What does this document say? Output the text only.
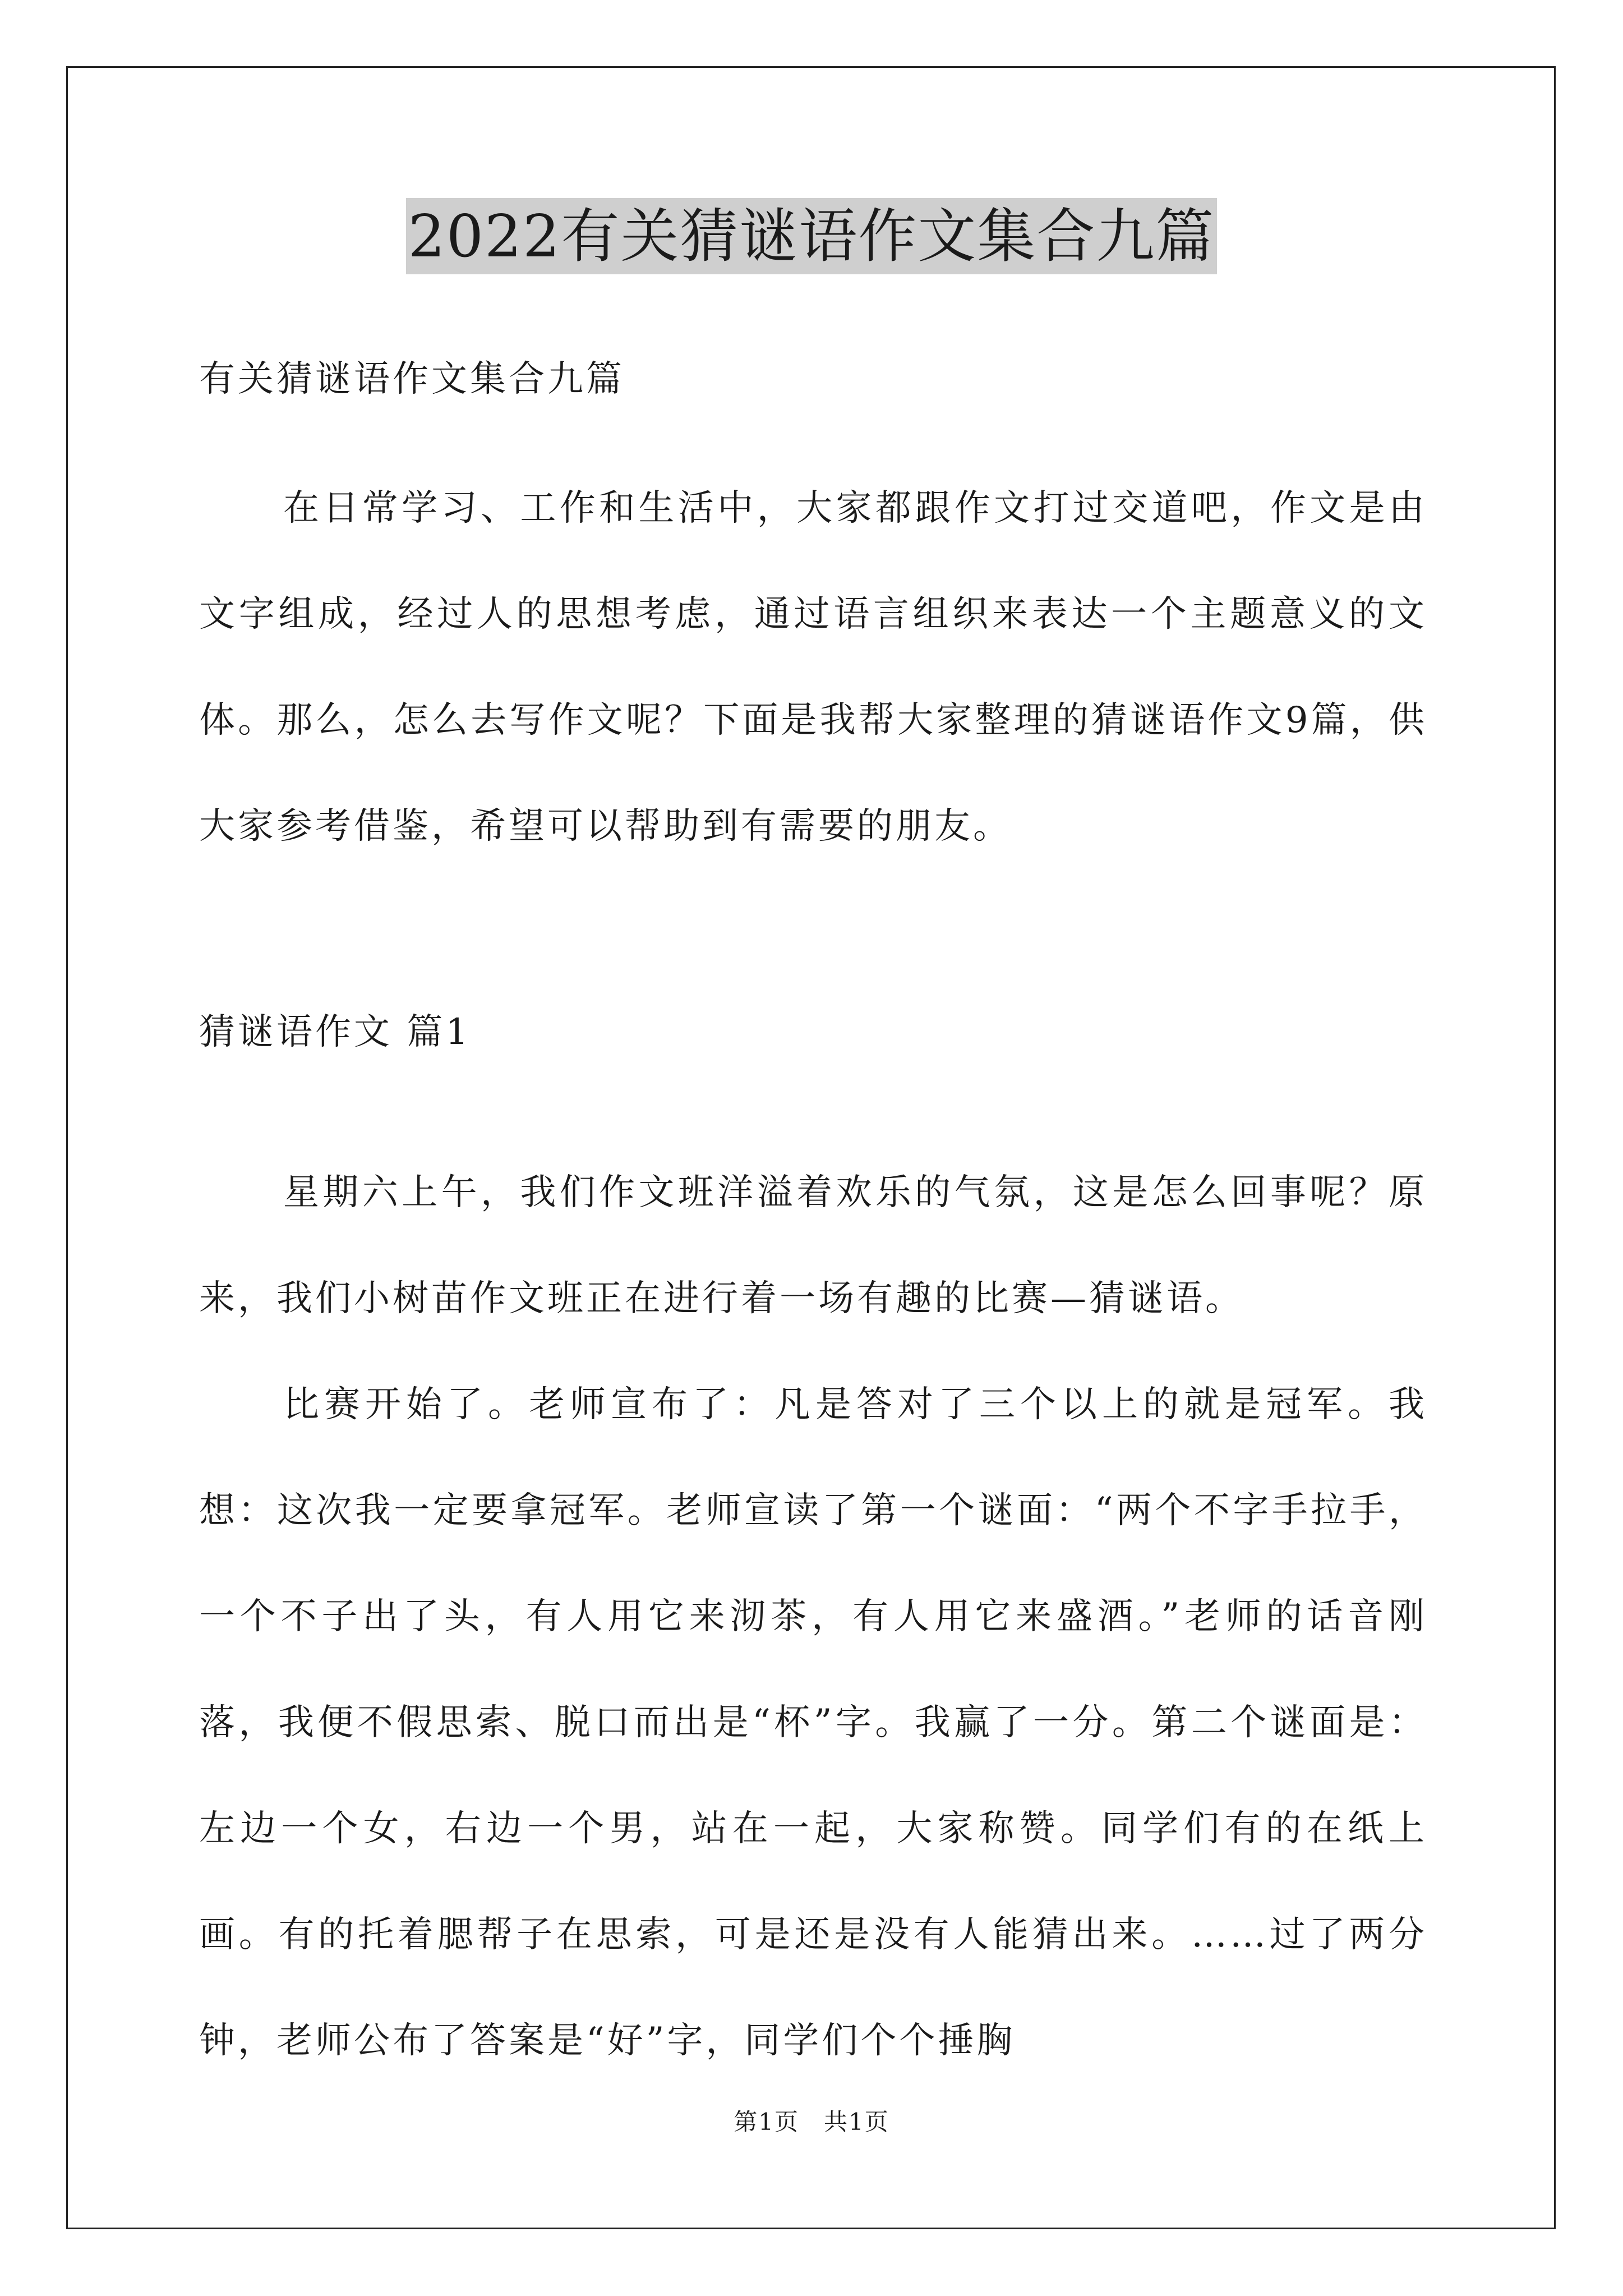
2022有关猜谜语作文集合九篇
有关猜谜语作文集合九篇

在日常学习、工作和生活中，大家都跟作文打过交道吧，作文是由文字组成，经过人的思想考虑，通过语言组织来表达一个主题意义的文体。那么，怎么去写作文呢？下面是我帮大家整理的猜谜语作文9篇，供大家参考借鉴，希望可以帮助到有需要的朋友。

猜谜语作文 篇1

星期六上午，我们作文班洋溢着欢乐的气氛，这是怎么回事呢？原来，我们小树苗作文班正在进行着一场有趣的比赛—猜谜语。

比赛开始了。老师宣布了：凡是答对了三个以上的就是冠军。我想：这次我一定要拿冠军。老师宣读了第一个谜面：“两个不字手拉手，一个不子出了头，有人用它来沏茶，有人用它来盛酒。”老师的话音刚落，我便不假思索、脱口而出是“杯”字。我赢了一分。第二个谜面是：左边一个女，右边一个男，站在一起，大家称赞。同学们有的在纸上画。有的托着腮帮子在思索，可是还是没有人能猜出来。……过了两分钟，老师公布了答案是“好”字，同学们个个捶胸

第1页　共1页
